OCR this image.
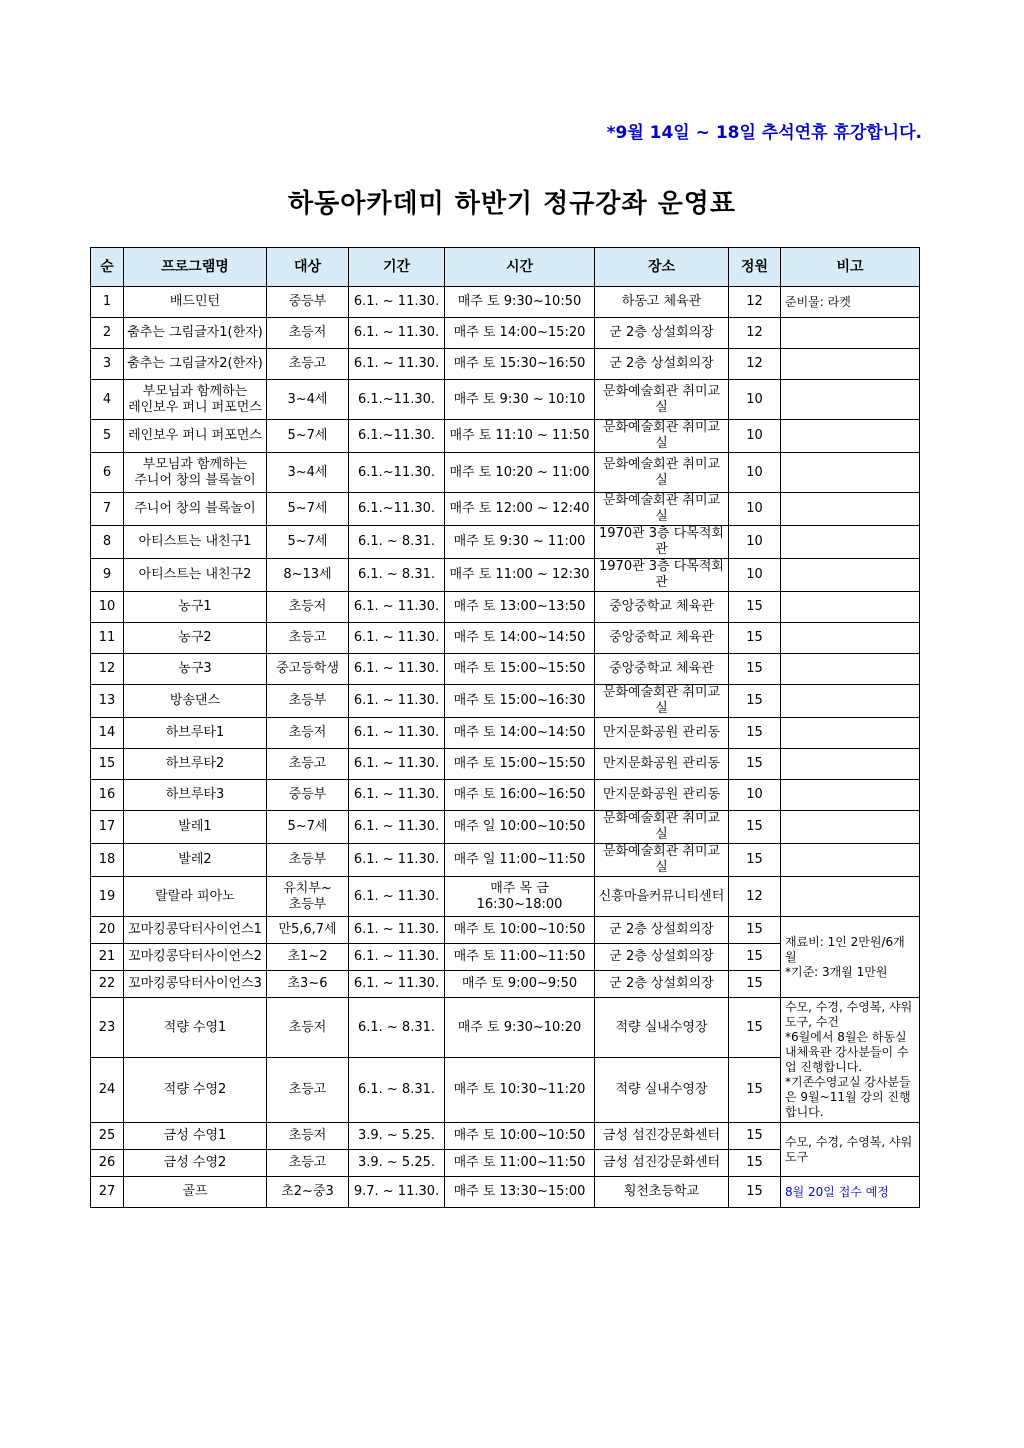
*9월 14일 ~ 18일 추석연휴 휴강합니다.
하동아카데미 하반기 정규강좌 운영표
순	프로그램명	대상	기간	시간	장소	정원	비고
1	배드민턴	중등부	6.1. ~ 11.30.	매주 토 9:30~10:50	하동고 체육관	12	준비물: 라켓
2	춤추는 그림글자1(한자)	초등저	6.1. ~ 11.30.	매주 토 14:00~15:20	군 2층 상설회의장	12	
3	춤추는 그림글자2(한자)	초등고	6.1. ~ 11.30.	매주 토 15:30~16:50	군 2층 상설회의장	12	
4	부모님과 함께하는
레인보우 퍼니 퍼포먼스	3~4세	6.1.~11.30.	매주 토 9:30 ~ 10:10	문화예술회관 취미교실	10	
5	레인보우 퍼니 퍼포먼스	5~7세	6.1.~11.30.	매주 토 11:10 ~ 11:50	문화예술회관 취미교실	10	
6	부모님과 함께하는
주니어 창의 블록놀이	3~4세	6.1.~11.30.	매주 토 10:20 ~ 11:00	문화예술회관 취미교실	10	
7	주니어 창의 블록놀이	5~7세	6.1.~11.30.	매주 토 12:00 ~ 12:40	문화예술회관 취미교실	10	
8	아티스트는 내친구1	5~7세	6.1. ~ 8.31.	매주 토 9:30 ~ 11:00	1970관 3층 다목적회관	10	
9	아티스트는 내친구2	8~13세	6.1. ~ 8.31.	매주 토 11:00 ~ 12:30	1970관 3층 다목적회관	10	
10	농구1	초등저	6.1. ~ 11.30.	매주 토 13:00~13:50	중앙중학교 체육관	15	
11	농구2	초등고	6.1. ~ 11.30.	매주 토 14:00~14:50	중앙중학교 체육관	15	
12	농구3	중고등학생	6.1. ~ 11.30.	매주 토 15:00~15:50	중앙중학교 체육관	15	
13	방송댄스	초등부	6.1. ~ 11.30.	매주 토 15:00~16:30	문화예술회관 취미교실	15	
14	하브루타1	초등저	6.1. ~ 11.30.	매주 토 14:00~14:50	만지문화공원 관리동	15	
15	하브루타2	초등고	6.1. ~ 11.30.	매주 토 15:00~15:50	만지문화공원 관리동	15	
16	하브루타3	중등부	6.1. ~ 11.30.	매주 토 16:00~16:50	만지문화공원 관리동	10	
17	발레1	5~7세	6.1. ~ 11.30.	매주 일 10:00~10:50	문화예술회관 취미교실	15	
18	발레2	초등부	6.1. ~ 11.30.	매주 일 11:00~11:50	문화예술회관 취미교실	15	
19	랄랄라 피아노	유치부~
초등부	6.1. ~ 11.30.	매주 목 금 16:30~18:00	신흥마을커뮤니티센터	12	
20	꼬마킹콩닥터사이언스1	만5,6,7세	6.1. ~ 11.30.	매주 토 10:00~10:50	군 2층 상설회의장	15	재료비: 1인 2만원/6개월
*기준: 3개월 1만원
21	꼬마킹콩닥터사이언스2	초1~2	6.1. ~ 11.30.	매주 토 11:00~11:50	군 2층 상설회의장	15	
22	꼬마킹콩닥터사이언스3	초3~6	6.1. ~ 11.30.	매주 토 9:00~9:50	군 2층 상설회의장	15	
23	적량 수영1	초등저	6.1. ~ 8.31.	매주 토 9:30~10:20	적량 실내수영장	15	수모, 수경, 수영복, 샤워도구, 수건
*6월에서 8월은 하동실내체육관 강사분들이 수업 진행합니다.
*기존수영교실 강사분들은 9월~11월 강의 진행합니다.
24	적량 수영2	초등고	6.1. ~ 8.31.	매주 토 10:30~11:20	적량 실내수영장	15	
25	금성 수영1	초등저	3.9. ~ 5.25.	매주 토 10:00~10:50	금성 섬진강문화센터	15	수모, 수경, 수영복, 샤워도구
26	금성 수영2	초등고	3.9. ~ 5.25.	매주 토 11:00~11:50	금성 섬진강문화센터	15	
27	골프	초2~중3	9.7. ~ 11.30.	매주 토 13:30~15:00	횡천초등학교	15	8월 20일 접수 예정
